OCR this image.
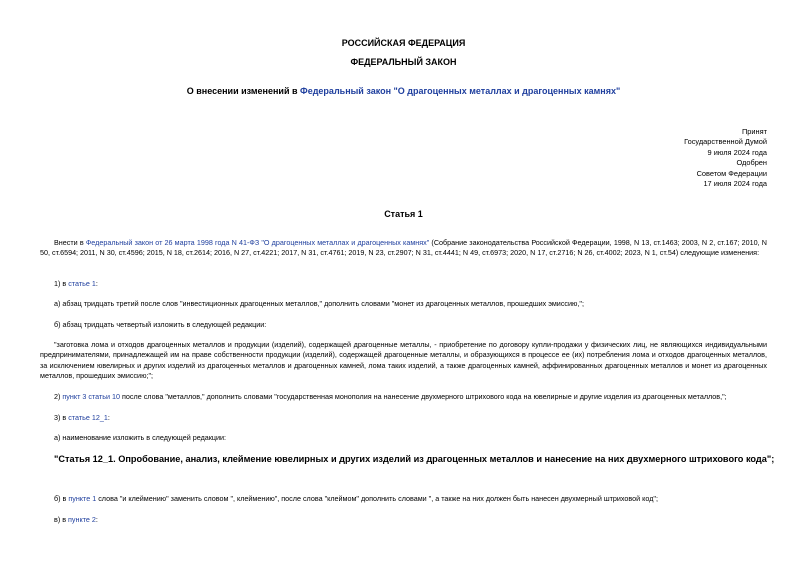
РОССИЙСКАЯ ФЕДЕРАЦИЯ
ФЕДЕРАЛЬНЫЙ ЗАКОН
О внесении изменений в Федеральный закон "О драгоценных металлах и драгоценных камнях"
Принят
Государственной Думой
9 июля 2024 года
Одобрен
Советом Федерации
17 июля 2024 года
Статья 1
Внести в Федеральный закон от 26 марта 1998 года N 41-ФЗ "О драгоценных металлах и драгоценных камнях" (Собрание законодательства Российской Федерации, 1998, N 13, ст.1463; 2003, N 2, ст.167; 2010, N 50, ст.6594; 2011, N 30, ст.4596; 2015, N 18, ст.2614; 2016, N 27, ст.4221; 2017, N 31, ст.4761; 2019, N 23, ст.2907; N 31, ст.4441; N 49, ст.6973; 2020, N 17, ст.2716; N 26, ст.4002; 2023, N 1, ст.54) следующие изменения:
1) в статье 1:
а) абзац тридцать третий после слов "инвестиционных драгоценных металлов," дополнить словами "монет из драгоценных металлов, прошедших эмиссию,";
б) абзац тридцать четвертый изложить в следующей редакции:
"заготовка лома и отходов драгоценных металлов и продукции (изделий), содержащей драгоценные металлы, - приобретение по договору купли-продажи у физических лиц, не являющихся индивидуальными предпринимателями, принадлежащей им на праве собственности продукции (изделий), содержащей драгоценные металлы, и образующихся в процессе ее (их) потребления лома и отходов драгоценных металлов, за исключением ювелирных и других изделий из драгоценных металлов и драгоценных камней, лома таких изделий, а также драгоценных камней, аффинированных драгоценных металлов и монет из драгоценных металлов, прошедших эмиссию;";
2) пункт 3 статьи 10 после слова "металлов," дополнить словами "государственная монополия на нанесение двухмерного штрихового кода на ювелирные и другие изделия из драгоценных металлов,";
3) в статье 12_1:
а) наименование изложить в следующей редакции:
"Статья 12_1. Опробование, анализ, клеймение ювелирных и других изделий из драгоценных металлов и нанесение на них двухмерного штрихового кода";
б) в пункте 1 слова "и клеймению" заменить словом ", клеймению", после слова "клеймом" дополнить словами ", а также на них должен быть нанесен двухмерный штриховой код";
в) в пункте 2:
